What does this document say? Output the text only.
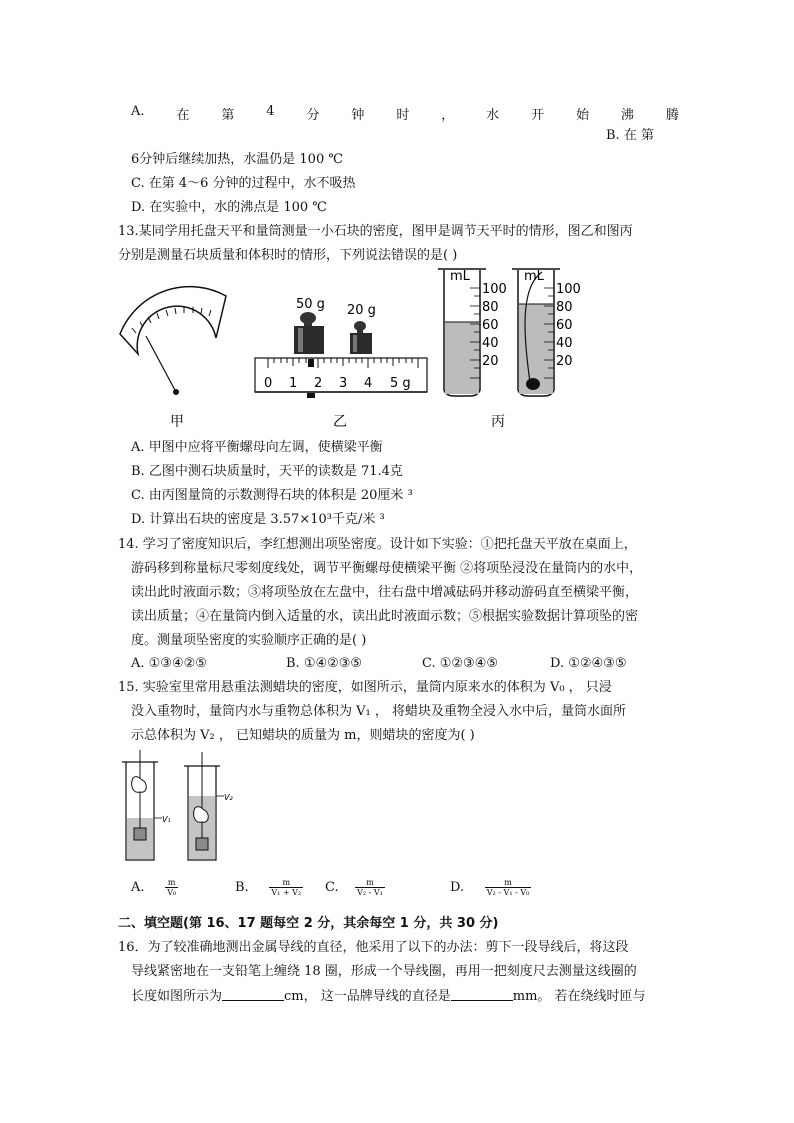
A. 在 第 4 分 钟 时 ， 水 开 始 沸 腾
B. 在 第
6分钟后继续加热，水温仍是 100 ℃
C. 在第 4～6 分钟的过程中，水不吸热
D. 在实验中，水的沸点是 100 ℃
13.某同学用托盘天平和量筒测量一小石块的密度，图甲是调节天平时的情形，图乙和图丙
分别是测量石块质量和体积时的情形，下列说法错误的是( )
甲
50 g 20 g
0 1 2 3 4 5 g
乙
mL
100
80
60
40
20
mL
100
80
60
40
20
丙
A. 甲图中应将平衡螺母向左调，使横梁平衡
B. 乙图中测石块质量时，天平的读数是 71.4克
C. 由丙图量筒的示数测得石块的体积是 20厘米 ³
D. 计算出石块的密度是 3.57×10³千克/米 ³
14. 学习了密度知识后，李红想测出项坠密度。设计如下实验：①把托盘天平放在桌面上，
游码移到称量标尺零刻度线处，调节平衡螺母使横梁平衡 ②将项坠浸没在量筒内的水中，
读出此时液面示数；③将项坠放在左盘中，往右盘中增减砝码并移动游码直至横梁平衡，
读出质量；④在量筒内倒入适量的水，读出此时液面示数；⑤根据实验数据计算项坠的密
度。测量项坠密度的实验顺序正确的是( )
A. ①③④②⑤	B. ①④②③⑤	C. ①②③④⑤	D. ①②④③⑤
15. 实验室里常用悬重法测蜡块的密度，如图所示，量筒内原来水的体积为 V₀ ， 只浸
没入重物时，量筒内水与重物总体积为 V₁ ， 将蜡块及重物全浸入水中后，量筒水面所
示总体积为 V₂ ， 已知蜡块的质量为 m，则蜡块的密度为( )
V₁
V₂
A.	$\frac{m}{\text{V₀}}$	B.	$\frac{m}{\text{V₁ + V₂}} C$. $\frac{m}{\text{V₂ - V₁}}$	D.	$\frac{m}{\text{V₂ - V₁ - V₀}}$
二、填空题(第 16、17 题每空 2 分，其余每空 1 分，共 30 分)
16．为了较准确地测出金属导线的直径，他采用了以下的办法：剪下一段导线后，将这段
导线紧密地在一支铅笔上缠绕 18 圈，形成一个导线圈，再用一把刻度尺去测量这线圈的
长度如图所示为	cm， 这一品牌导线的直径是	mm。 若在绕线时匝与
